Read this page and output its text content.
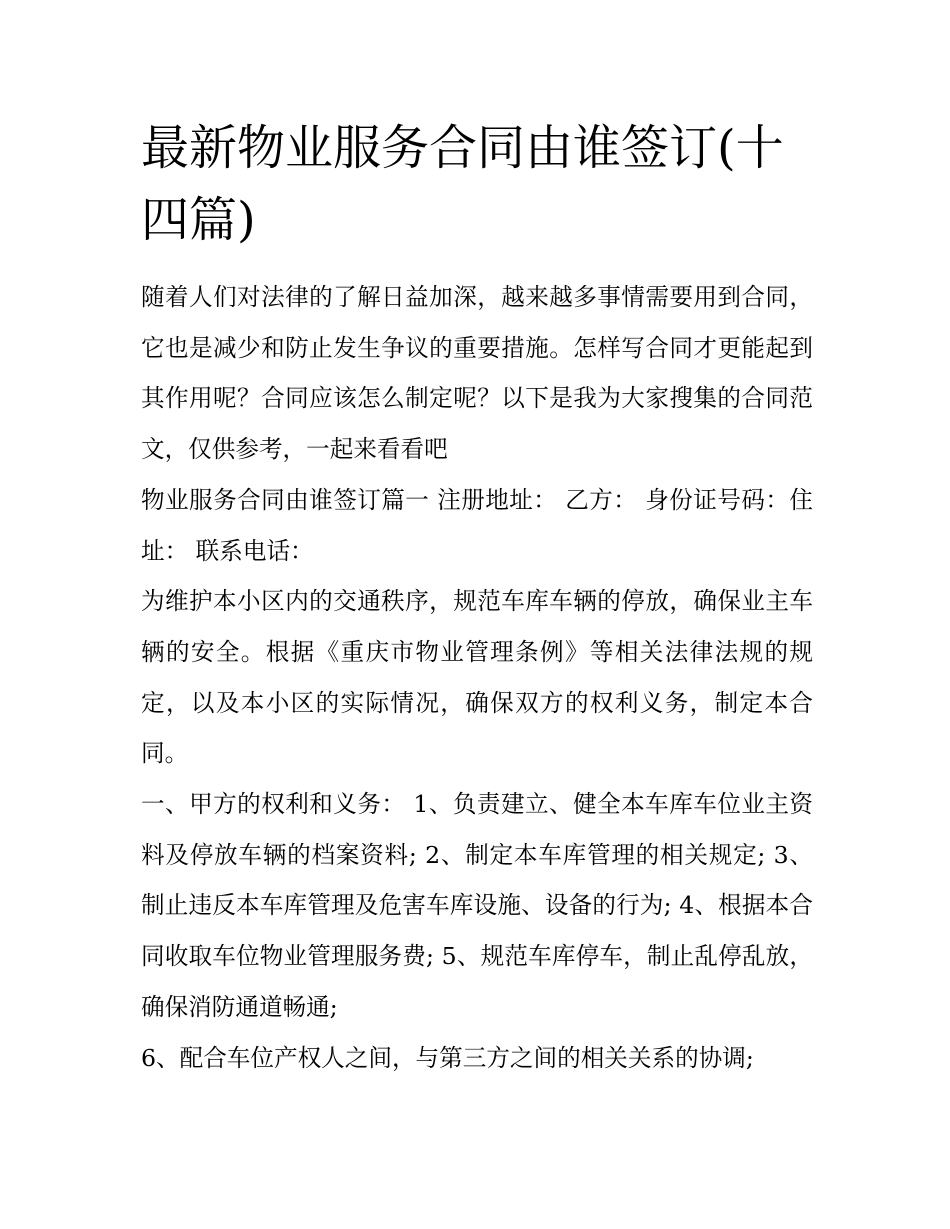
最新物业服务合同由谁签订(十四篇)

随着人们对法律的了解日益加深，越来越多事情需要用到合同，它也是减少和防止发生争议的重要措施。怎样写合同才更能起到其作用呢？合同应该怎么制定呢？以下是我为大家搜集的合同范文，仅供参考，一起来看看吧

物业服务合同由谁签订篇一 注册地址： 乙方： 身份证号码：住址： 联系电话：

为维护本小区内的交通秩序，规范车库车辆的停放，确保业主车辆的安全。根据《重庆市物业管理条例》等相关法律法规的规定，以及本小区的实际情况，确保双方的权利义务，制定本合同。

一、甲方的权利和义务： 1、负责建立、健全本车库车位业主资料及停放车辆的档案资料; 2、制定本车库管理的相关规定; 3、制止违反本车库管理及危害车库设施、设备的行为; 4、根据本合同收取车位物业管理服务费; 5、规范车库停车，制止乱停乱放，确保消防通道畅通;

6、配合车位产权人之间，与第三方之间的相关关系的协调;
